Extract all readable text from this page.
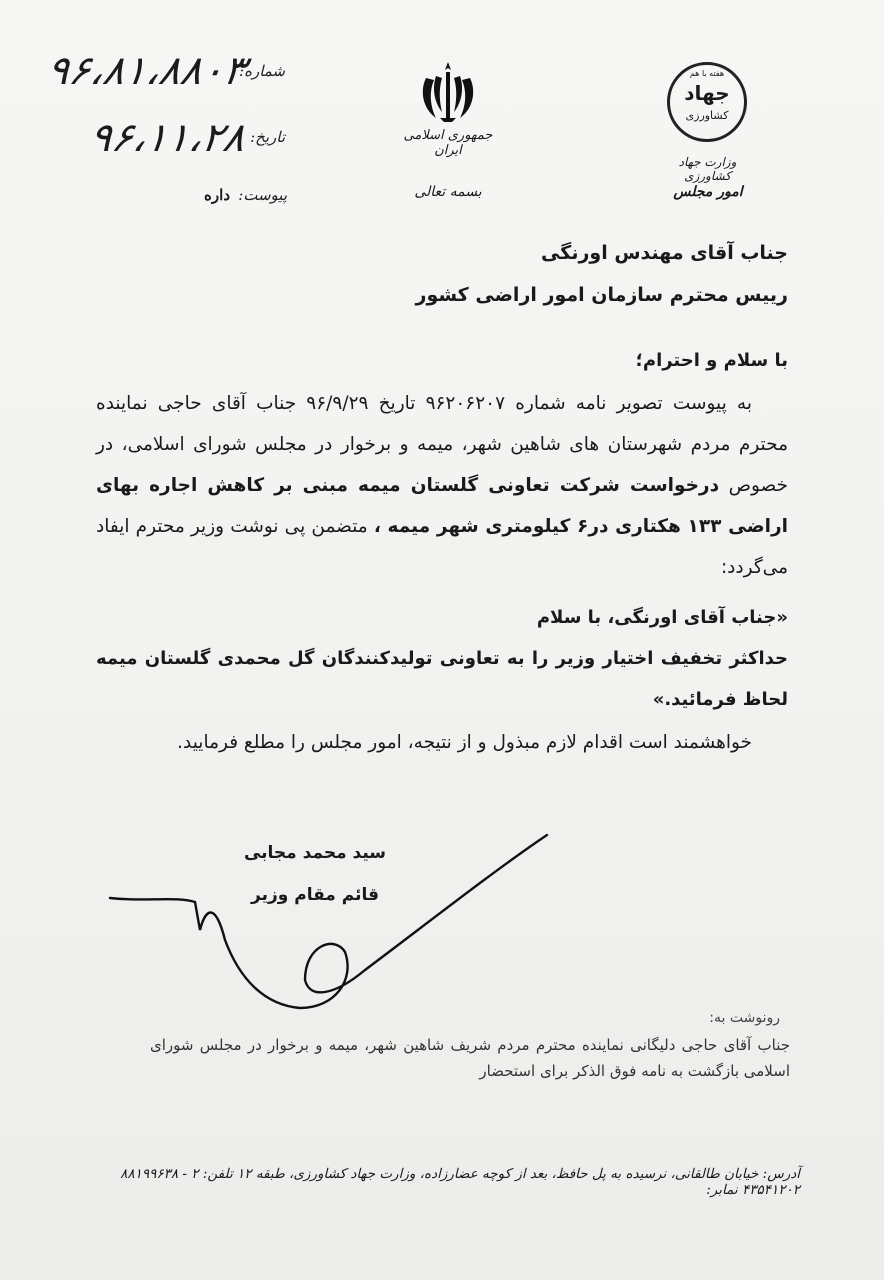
شماره:
۹۶،۸۱،۸۸۰۳
تاریخ:
۹۶،۱۱،۲۸
پیوست:
داره
جمهوری اسلامی ایران
بسمه تعالی
هفته با هم
جهاد
کشاورزی
وزارت جهاد کشاورزی
امور مجلس
جناب آقای مهندس اورنگی
رییس محترم سازمان امور اراضی کشور
با سلام و احترام؛
به پیوست تصویر نامه شماره ۹۶۲۰۶۲۰۷ تاریخ ۹۶/۹/۲۹ جناب آقای حاجی نماینده محترم مردم شهرستان های شاهین شهر، میمه و برخوار در مجلس شورای اسلامی، در خصوص درخواست شرکت تعاونی گلستان میمه مبنی بر کاهش اجاره بهای اراضی ۱۳۳ هکتاری در۶ کیلومتری شهر میمه ، متضمن پی نوشت وزیر محترم ایفاد می‌گردد:
«جناب آقای اورنگی، با سلام
حداکثر تخفیف اختیار وزیر را به تعاونی تولیدکنندگان گل محمدی گلستان میمه لحاظ فرمائید.»
خواهشمند است اقدام لازم مبذول و از نتیجه، امور مجلس را مطلع فرمایید.
سید محمد مجابی
قائم مقام وزیر
رونوشت به:
جناب آقای حاجی دلیگانی نماینده محترم مردم شریف شاهین شهر، میمه و برخوار در مجلس شورای اسلامی بازگشت به نامه فوق الذکر برای استحضار
آدرس: خیابان طالقانی، نرسیده به پل حافظ، بعد از کوچه عضارزاده، وزارت جهاد کشاورزی، طبقه ۱۲ تلفن: ۲ - ۸۸۱۹۹۶۳۸ ۴۳۵۴۱۲۰۲ نمابر:
